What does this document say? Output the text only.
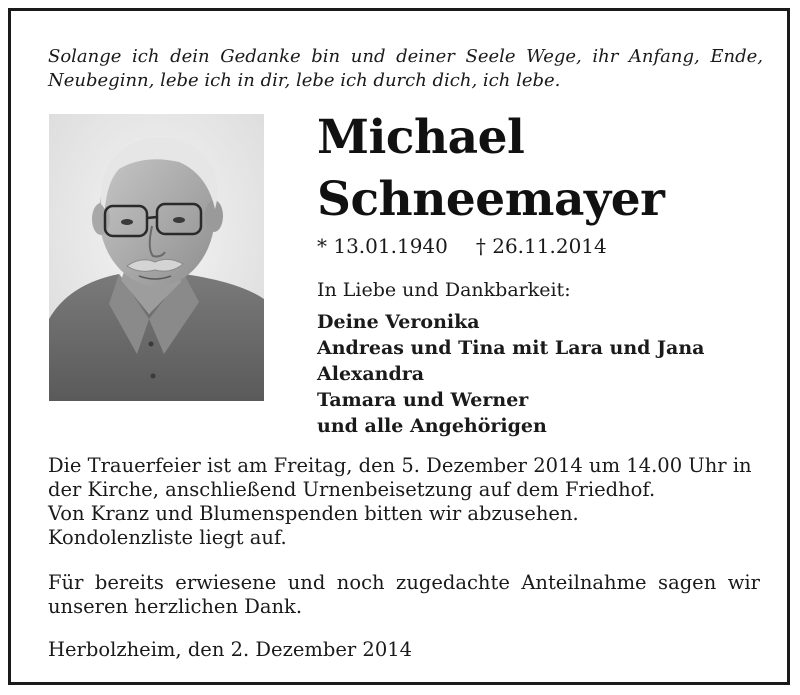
Solange ich dein Gedanke bin und deiner Seele Wege, ihr Anfang, Ende, Neubeginn, lebe ich in dir, lebe ich durch dich, ich lebe.
Michael
Schneemayer
* 13.01.1940 † 26.11.2014
In Liebe und Dankbarkeit:
Deine Veronika
Andreas und Tina mit Lara und Jana
Alexandra
Tamara und Werner
und alle Angehörigen
Die Trauerfeier ist am Freitag, den 5. Dezember 2014 um 14.00 Uhr in
der Kirche, anschließend Urnenbeisetzung auf dem Friedhof.
Von Kranz und Blumenspenden bitten wir abzusehen.
Kondolenzliste liegt auf.
Für bereits erwiesene und noch zugedachte Anteilnahme sagen wir unseren herzlichen Dank.
Herbolzheim, den 2. Dezember 2014
